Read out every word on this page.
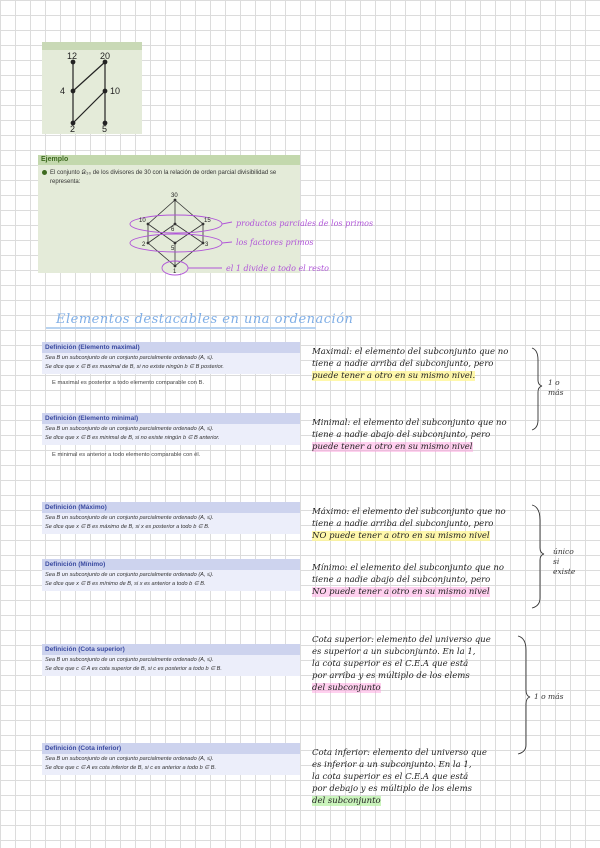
12	20
4	10
2	5
Ejemplo
El conjunto 𝒟₃₀ de los divisores de 30 con la relación de orden parcial divisibilidad se representa:
30
10
6
15
2
5
3
1
productos parciales de los primos
los factores primos
el 1 divide a todo el resto
Elementos destacables en una ordenación
Definición (Elemento maximal)
Sea B un subconjunto de un conjunto parcialmente ordenado (A, ≤).
Se dice que x ∈ B es maximal de B, si no existe ningún b ∈ B posterior.
E maximal es posterior a todo elemento comparable con B.
Definición (Elemento minimal)
Sea B un subconjunto de un conjunto parcialmente ordenado (A, ≤).
Se dice que x ∈ B es minimal de B, si no existe ningún b ∈ B anterior.
E minimal es anterior a todo elemento comparable con él.
Definición (Máximo)
Sea B un subconjunto de un conjunto parcialmente ordenado (A, ≤).
Se dice que x ∈ B es máximo de B, si x es posterior a todo b ∈ B.
Definición (Mínimo)
Sea B un subconjunto de un conjunto parcialmente ordenado (A, ≤).
Se dice que x ∈ B es mínimo de B, si x es anterior a todo b ∈ B.
Definición (Cota superior)
Sea B un subconjunto de un conjunto parcialmente ordenado (A, ≤).
Se dice que c ∈ A es cota superior de B, si c es posterior a todo b ∈ B.
Definición (Cota inferior)
Sea B un subconjunto de un conjunto parcialmente ordenado (A, ≤).
Se dice que c ∈ A es cota inferior de B, si c es anterior a todo b ∈ B.
Maximal: el elemento del subconjunto que no
tiene a nadie arriba del subconjunto, pero
puede tener a otro en su mismo nivel.
Minimal: el elemento del subconjunto que no
tiene a nadie abajo del subconjunto, pero
puede tener a otro en su mismo nivel
Máximo: el elemento del subconjunto que no
tiene a nadie arriba del subconjunto, pero
NO puede tener a otro en su mismo nivel
Mínimo: el elemento del subconjunto que no
tiene a nadie abajo del subconjunto, pero
NO puede tener a otro en su mismo nivel
Cota superior: elemento del universo que
es superior a un subconjunto. En la 1,
la cota superior es el C.E.A que está
por arriba y es múltiplo de los elems
del subconjunto
Cota inferior: elemento del universo que
es inferior a un subconjunto. En la 1,
la cota superior es el C.E.A que está
por debajo y es múltiplo de los elems
del subconjunto
1 o
más
único
si
existe
1 o más
